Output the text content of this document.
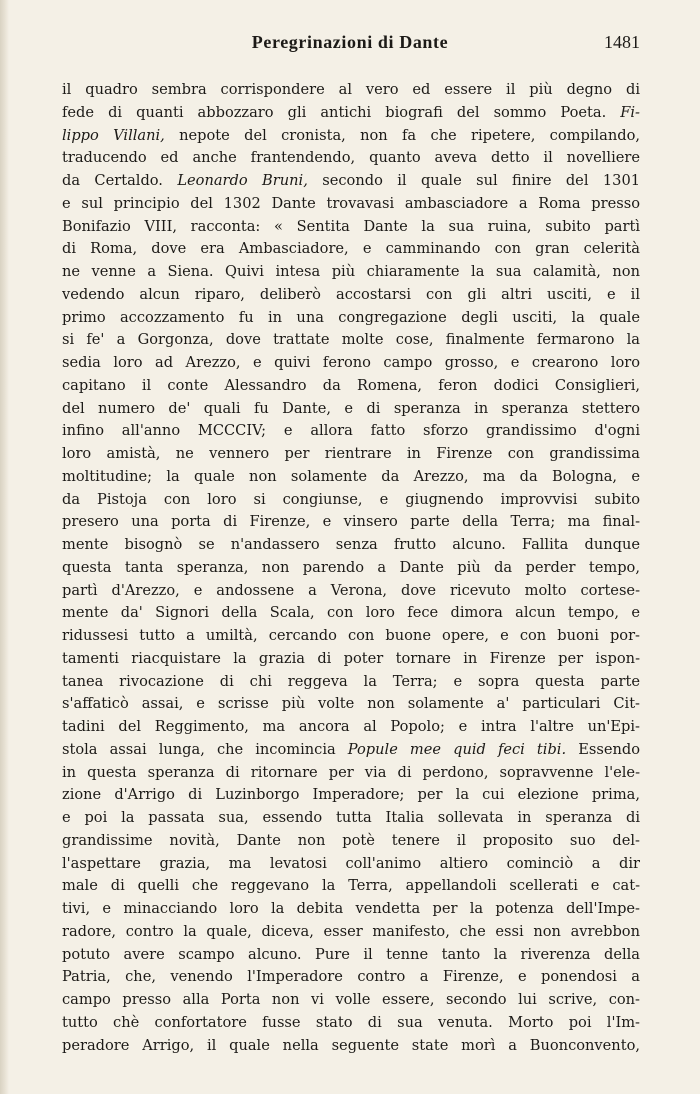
Peregrinazioni di Dante	1481
il quadro sembra corrispondere al vero ed essere il più degno di
fede di quanti abbozzaro gli antichi biografi del sommo Poeta. Fi-
lippo Villani, nepote del cronista, non fa che ripetere, compilando,
traducendo ed anche frantendendo, quanto aveva detto il novelliere
da Certaldo. Leonardo Bruni, secondo il quale sul finire del 1301
e sul principio del 1302 Dante trovavasi ambasciadore a Roma presso
Bonifazio VIII, racconta: « Sentita Dante la sua ruina, subito partì
di Roma, dove era Ambasciadore, e camminando con gran celerità
ne venne a Siena. Quivi intesa più chiaramente la sua calamità, non
vedendo alcun riparo, deliberò accostarsi con gli altri usciti, e il
primo accozzamento fu in una congregazione degli usciti, la quale
si fe' a Gorgonza, dove trattate molte cose, finalmente fermarono la
sedia loro ad Arezzo, e quivi ferono campo grosso, e crearono loro
capitano il conte Alessandro da Romena, feron dodici Consiglieri,
del numero de' quali fu Dante, e di speranza in speranza stettero
infino all'anno MCCCIV; e allora fatto sforzo grandissimo d'ogni
loro amistà, ne vennero per rientrare in Firenze con grandissima
moltitudine; la quale non solamente da Arezzo, ma da Bologna, e
da Pistoja con loro si congiunse, e giugnendo improvvisi subito
presero una porta di Firenze, e vinsero parte della Terra; ma final-
mente bisognò se n'andassero senza frutto alcuno. Fallita dunque
questa tanta speranza, non parendo a Dante più da perder tempo,
partì d'Arezzo, e andossene a Verona, dove ricevuto molto cortese-
mente da' Signori della Scala, con loro fece dimora alcun tempo, e
ridussesi tutto a umiltà, cercando con buone opere, e con buoni por-
tamenti riacquistare la grazia di poter tornare in Firenze per ispon-
tanea rivocazione di chi reggeva la Terra; e sopra questa parte
s'affaticò assai, e scrisse più volte non solamente a' particulari Cit-
tadini del Reggimento, ma ancora al Popolo; e intra l'altre un'Epi-
stola assai lunga, che incomincia Popule mee quid feci tibi. Essendo
in questa speranza di ritornare per via di perdono, sopravvenne l'ele-
zione d'Arrigo di Luzinborgo Imperadore; per la cui elezione prima,
e poi la passata sua, essendo tutta Italia sollevata in speranza di
grandissime novità, Dante non potè tenere il proposito suo del-
l'aspettare grazia, ma levatosi coll'animo altiero cominciò a dir
male di quelli che reggevano la Terra, appellandoli scellerati e cat-
tivi, e minacciando loro la debita vendetta per la potenza dell'Impe-
radore, contro la quale, diceva, esser manifesto, che essi non avrebbon
potuto avere scampo alcuno. Pure il tenne tanto la riverenza della
Patria, che, venendo l'Imperadore contro a Firenze, e ponendosi a
campo presso alla Porta non vi volle essere, secondo lui scrive, con-
tutto chè confortatore fusse stato di sua venuta. Morto poi l'Im-
peradore Arrigo, il quale nella seguente state morì a Buonconvento,
